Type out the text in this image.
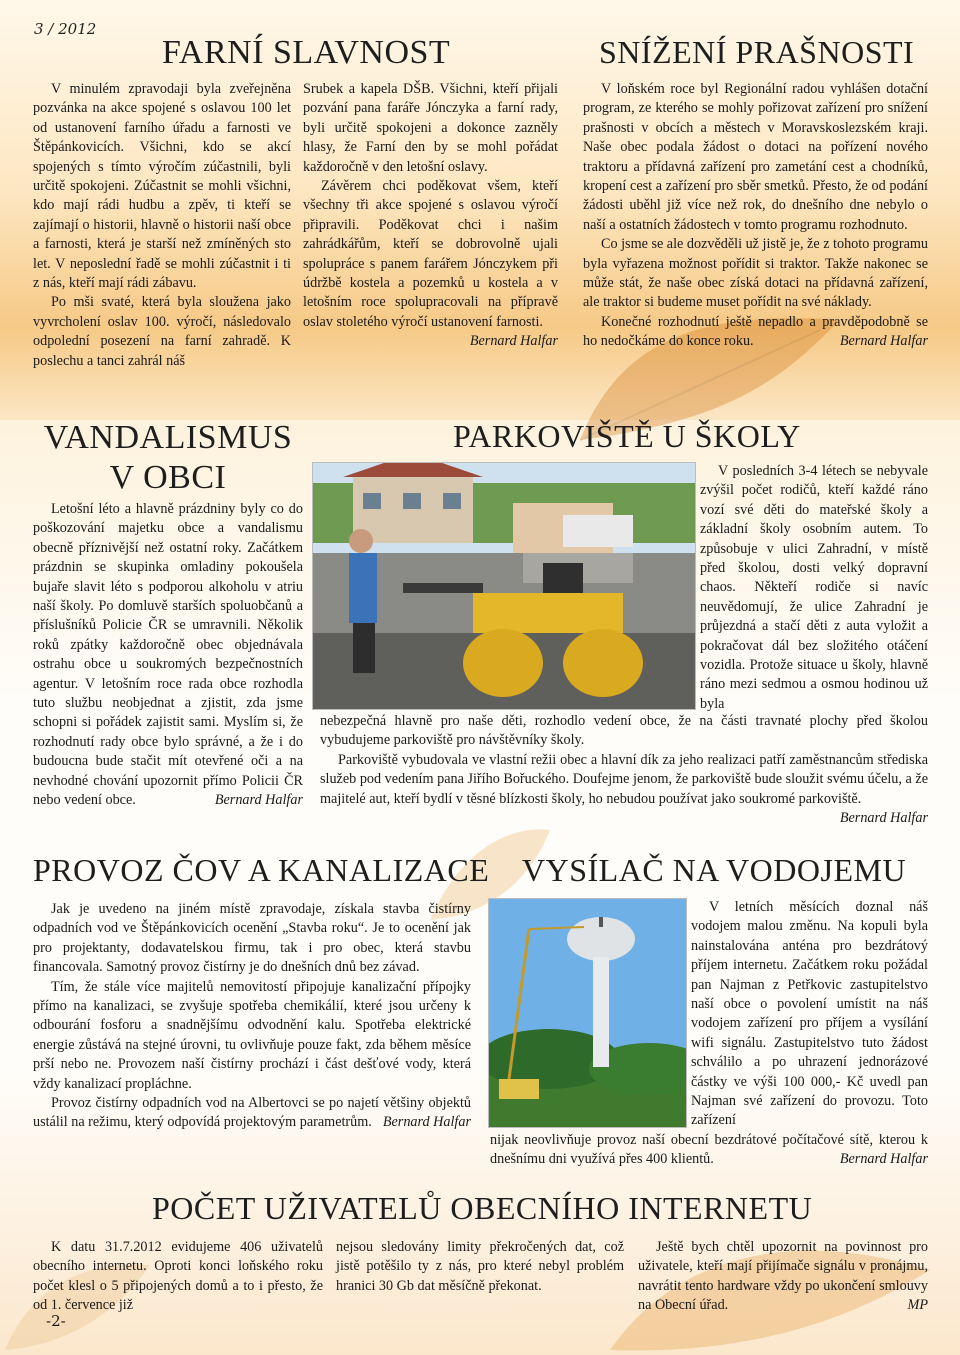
3 / 2012
FARNÍ SLAVNOST

V minulém zpravodaji byla zveřejněna pozvánka na akce spojené s oslavou 100 let od ustanovení farního úřadu a farnosti ve Štěpánkovicích. Všichni, kdo se akcí spojených s tímto výročím zúčastnili, byli určitě spokojeni. Zúčastnit se mohli všichni, kdo mají rádi hudbu a zpěv, ti kteří se zajímají o historii, hlavně o historii naší obce a farnosti, která je starší než zmíněných sto let. V neposlední řadě se mohli zúčastnit i ti z nás, kteří mají rádi zábavu.

Po mši svaté, která byla sloužena jako vyvrcholení oslav 100. výročí, následovalo odpolední posezení na farní zahradě. K poslechu a tanci zahrál náš

Srubek a kapela DŠB. Všichni, kteří přijali pozvání pana faráře Jónczyka a farní rady, byli určitě spokojeni a dokonce zazněly hlasy, že Farní den by se mohl pořádat každoročně v den letošní oslavy.

Závěrem chci poděkovat všem, kteří všechny tři akce spojené s oslavou výročí připravili. Poděkovat chci i našim zahrádkářům, kteří se dobrovolně ujali spolupráce s panem farářem Jónczykem při údržbě kostela a pozemků u kostela a v letošním roce spolupracovali na přípravě oslav stoletého výročí ustanovení farnosti.
Bernard Halfar

SNÍŽENÍ PRAŠNOSTI

V loňském roce byl Regionální radou vyhlášen dotační program, ze kterého se mohly pořizovat zařízení pro snížení prašnosti v obcích a městech v Moravskoslezském kraji. Naše obec podala žádost o dotaci na pořízení nového traktoru a přídavná zařízení pro zametání cest a chodníků, kropení cest a zařízení pro sběr smetků. Přesto, že od podání žádosti uběhl již více než rok, do dnešního dne nebylo o naší a ostatních žádostech v tomto programu rozhodnuto.

Co jsme se ale dozvěděli už jistě je, že z tohoto programu byla vyřazena možnost pořídit si traktor. Takže nakonec se může stát, že naše obec získá dotaci na přídavná zařízení, ale traktor si budeme muset pořídit na své náklady.

Konečné rozhodnutí ještě nepadlo a pravděpodobně se ho nedočkáme do konce roku.	Bernard Halfar

VANDALISMUS
V OBCI

Letošní léto a hlavně prázdniny byly co do poškozování majetku obce a vandalismu obecně příznivější než ostatní roky. Začátkem prázdnin se skupinka omladiny pokoušela bujaře slavit léto s podporou alkoholu v atriu naší školy. Po domluvě starších spoluobčanů a příslušníků Policie ČR se umravnili. Několik roků zpátky každoročně obec objednávala ostrahu obce u soukromých bezpečnostních agentur. V letošním roce rada obce rozhodla tuto službu neobjednat a zjistit, zda jsme schopni si pořádek zajistit sami. Myslím si, že rozhodnutí rady obce bylo správné, a že i do budoucna bude stačit mít otevřené oči a na nevhodné chování upozornit přímo Policii ČR nebo vedení obce.	Bernard Halfar

PARKOVIŠTĚ U ŠKOLY

V posledních 3-4 létech se nebyvale zvýšil počet rodičů, kteří každé ráno vozí své děti do mateřské školy a základní školy osobním autem. To způsobuje v ulici Zahradní, v místě před školou, dosti velký dopravní chaos. Někteří rodiče si navíc neuvědomují, že ulice Zahradní je průjezdná a stačí děti z auta vyložit a pokračovat dál bez složitého otáčení vozidla. Protože situace u školy, hlavně ráno mezi sedmou a osmou hodinou už byla

nebezpečná hlavně pro naše děti, rozhodlo vedení obce, že na části travnaté plochy před školou vybudujeme parkoviště pro návštěvníky školy.

Parkoviště vybudovala ve vlastní režii obec a hlavní dík za jeho realizaci patří zaměstnancům střediska služeb pod vedením pana Jiřího Bořuckého. Doufejme jenom, že parkoviště bude sloužit svému účelu, a že majitelé aut, kteří bydlí v těsné blízkosti školy, ho nebudou používat jako soukromé parkoviště.
Bernard Halfar

PROVOZ ČOV A KANALIZACE

Jak je uvedeno na jiném místě zpravodaje, získala stavba čistírny odpadních vod ve Štěpánkovicích ocenění „Stavba roku“. Je to ocenění jak pro projektanty, dodavatelskou firmu, tak i pro obec, která stavbu financovala. Samotný provoz čistírny je do dnešních dnů bez závad.

Tím, že stále více majitelů nemovitostí připojuje kanalizační přípojky přímo na kanalizaci, se zvyšuje spotřeba chemikálií, které jsou určeny k odbourání fosforu a snadnějšímu odvodnění kalu. Spotřeba elektrické energie zůstává na stejné úrovni, tu ovlivňuje pouze fakt, zda během měsíce prší nebo ne. Provozem naší čistírny prochází i část dešťové vody, která vždy kanalizací propláchne.

Provoz čistírny odpadních vod na Albertovci se po najetí většiny objektů ustálil na režimu, který odpovídá projektovým parametrům. Bernard Halfar

VYSÍLAČ NA VODOJEMU

V letních měsících doznal náš vodojem malou změnu. Na kopuli byla nainstalována anténa pro bezdrátový příjem internetu. Začátkem roku požádal pan Najman z Petřkovic zastupitelstvo naší obce o povolení umístit na náš vodojem zařízení pro příjem a vysílání wifi signálu. Zastupitelstvo tuto žádost schválilo a po uhrazení jednorázové částky ve výši 100 000,- Kč uvedl pan Najman své zařízení do provozu. Toto zařízení

nijak neovlivňuje provoz naší obecní bezdrátové počítačové sítě, kterou k dnešnímu dni využívá přes 400 klientů.	Bernard Halfar

POČET UŽIVATELŮ OBECNÍHO INTERNETU

K datu 31.7.2012 evidujeme 406 uživatelů obecního internetu. Oproti konci loňského roku počet klesl o 5 připojených domů a to i přesto, že od 1. července již

nejsou sledovány limity překročených dat, což jistě potěšilo ty z nás, pro které nebyl problém hranici 30 Gb dat měsíčně překonat.

Ještě bych chtěl upozornit na povinnost pro uživatele, kteří mají přijímače signálu v pronájmu, navrátit tento hardware vždy po ukončení smlouvy na Obecní úřad.	MP

-2-
